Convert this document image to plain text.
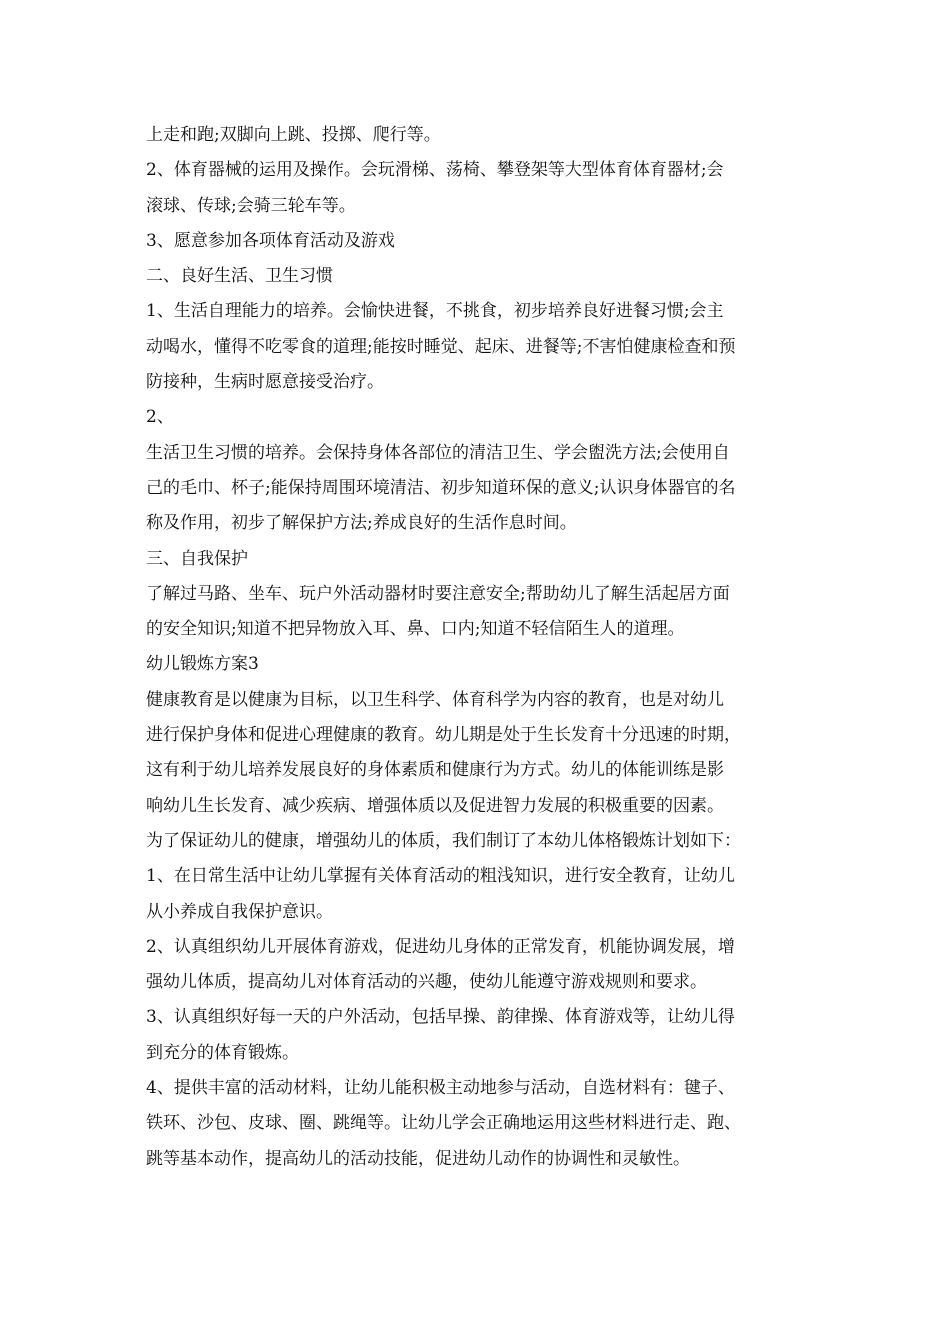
上走和跑;双脚向上跳、投掷、爬行等。
2、体育器械的运用及操作。会玩滑梯、荡椅、攀登架等大型体育体育器材;会
滚球、传球;会骑三轮车等。
3、愿意参加各项体育活动及游戏
二、良好生活、卫生习惯
1、生活自理能力的培养。会愉快进餐，不挑食，初步培养良好进餐习惯;会主
动喝水，懂得不吃零食的道理;能按时睡觉、起床、进餐等;不害怕健康检查和预
防接种，生病时愿意接受治疗。
2、
生活卫生习惯的培养。会保持身体各部位的清洁卫生、学会盥洗方法;会使用自
己的毛巾、杯子;能保持周围环境清洁、初步知道环保的意义;认识身体器官的名
称及作用，初步了解保护方法;养成良好的生活作息时间。
三、自我保护
了解过马路、坐车、玩户外活动器材时要注意安全;帮助幼儿了解生活起居方面
的安全知识;知道不把异物放入耳、鼻、口内;知道不轻信陌生人的道理。
幼儿锻炼方案3
健康教育是以健康为目标，以卫生科学、体育科学为内容的教育，也是对幼儿
进行保护身体和促进心理健康的教育。幼儿期是处于生长发育十分迅速的时期，
这有利于幼儿培养发展良好的身体素质和健康行为方式。幼儿的体能训练是影
响幼儿生长发育、减少疾病、增强体质以及促进智力发展的积极重要的因素。
为了保证幼儿的健康，增强幼儿的体质，我们制订了本幼儿体格锻炼计划如下：
1、在日常生活中让幼儿掌握有关体育活动的粗浅知识，进行安全教育，让幼儿
从小养成自我保护意识。
2、认真组织幼儿开展体育游戏，促进幼儿身体的正常发育，机能协调发展，增
强幼儿体质，提高幼儿对体育活动的兴趣，使幼儿能遵守游戏规则和要求。
3、认真组织好每一天的户外活动，包括早操、韵律操、体育游戏等，让幼儿得
到充分的体育锻炼。
4、提供丰富的活动材料，让幼儿能积极主动地参与活动，自选材料有：毽子、
铁环、沙包、皮球、圈、跳绳等。让幼儿学会正确地运用这些材料进行走、跑、
跳等基本动作，提高幼儿的活动技能，促进幼儿动作的协调性和灵敏性。
